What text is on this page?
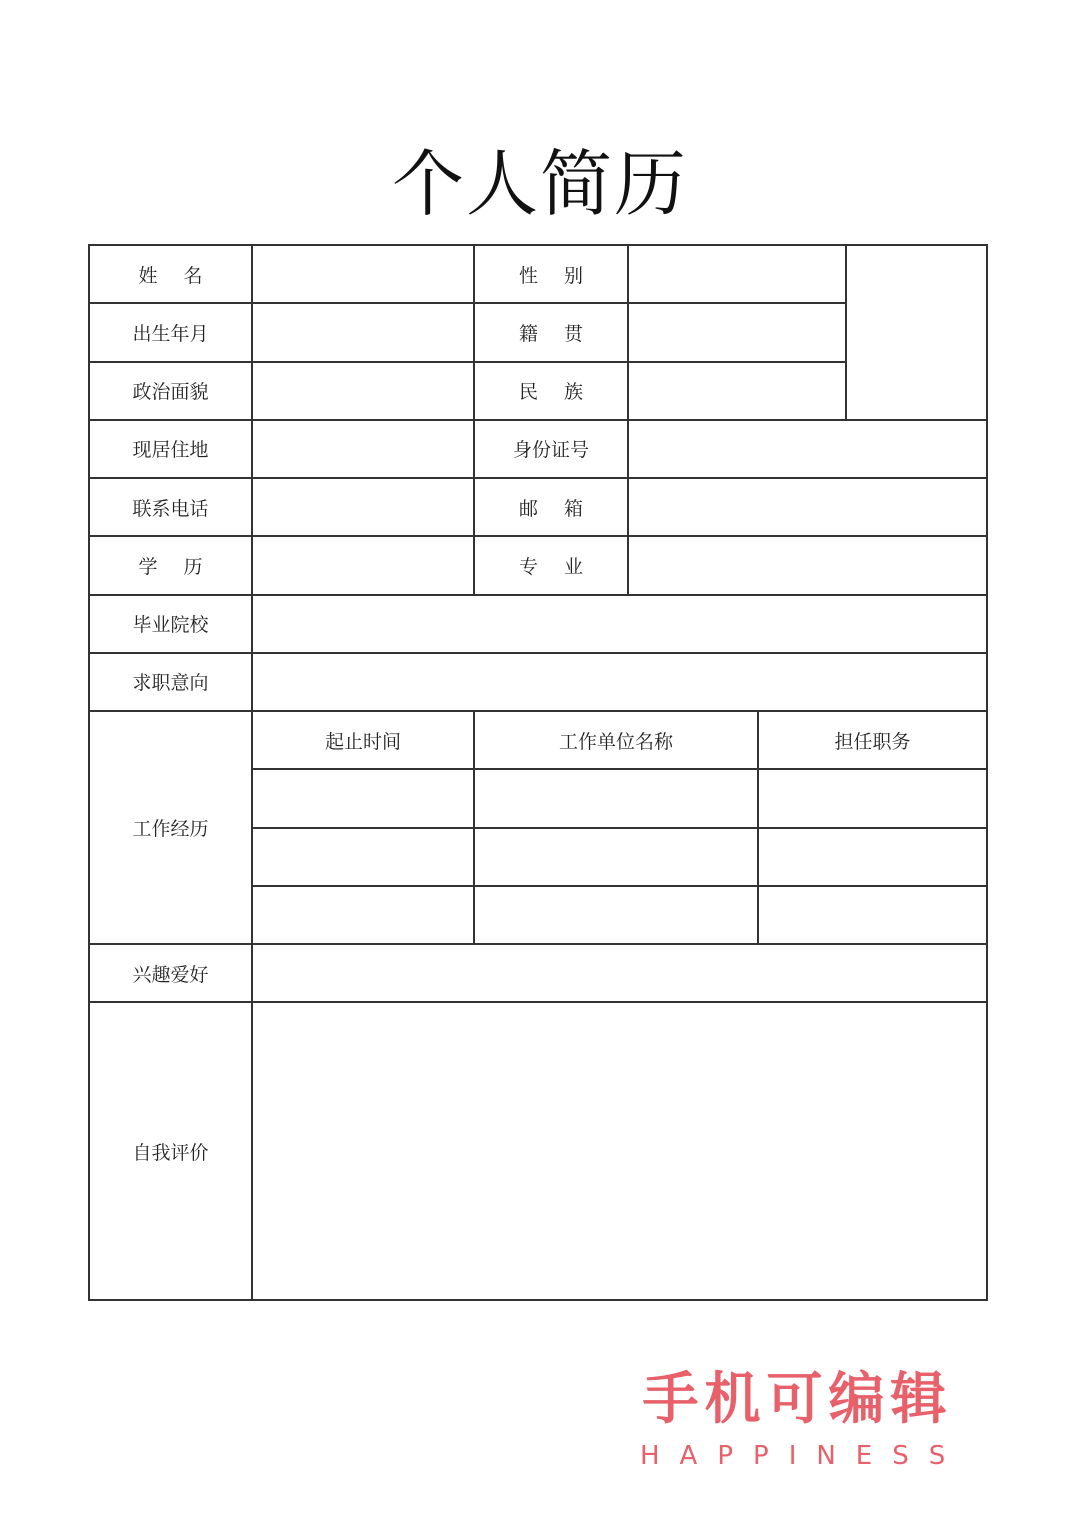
个人简历
姓名		性别			
出生年月		籍贯			
政治面貌		民族			
现居住地		身份证号			
联系电话		邮箱			
学历		专业			
毕业院校					
求职意向					
工作经历	起止时间	工作单位名称		担任职务	

兴趣爱好					
自我评价					
手机可编辑
HAPPINESS
